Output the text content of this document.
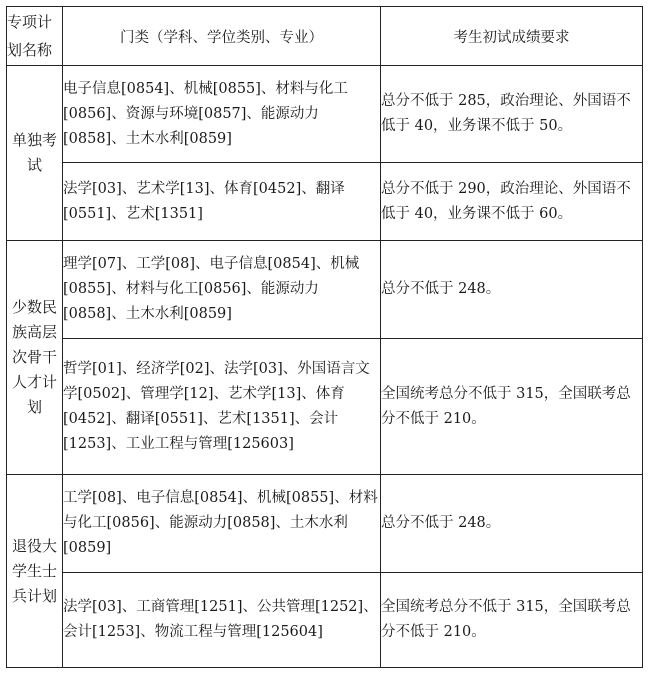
专项计划名称	门类（学科、学位类别、专业）	考生初试成绩要求
单独考试	电子信息[0854]、机械[0855]、材料与化工[0856]、资源与环境[0857]、能源动力[0858]、土木水利[0859]	总分不低于 285，政治理论、外国语不低于 40，业务课不低于 50。
	法学[03]、艺术学[13]、体育[0452]、翻译[0551]、艺术[1351]	总分不低于 290，政治理论、外国语不低于 40，业务课不低于 60。
少数民族高层次骨干人才计划	理学[07]、工学[08]、电子信息[0854]、机械[0855]、材料与化工[0856]、能源动力[0858]、土木水利[0859]	总分不低于 248。
	哲学[01]、经济学[02]、法学[03]、外国语言文学[0502]、管理学[12]、艺术学[13]、体育[0452]、翻译[0551]、艺术[1351]、会计[1253]、工业工程与管理[125603]	全国统考总分不低于 315，全国联考总分不低于 210。
退役大学生士兵计划	工学[08]、电子信息[0854]、机械[0855]、材料与化工[0856]、能源动力[0858]、土木水利[0859]	总分不低于 248。
	法学[03]、工商管理[1251]、公共管理[1252]、会计[1253]、物流工程与管理[125604]	全国统考总分不低于 315，全国联考总分不低于 210。
